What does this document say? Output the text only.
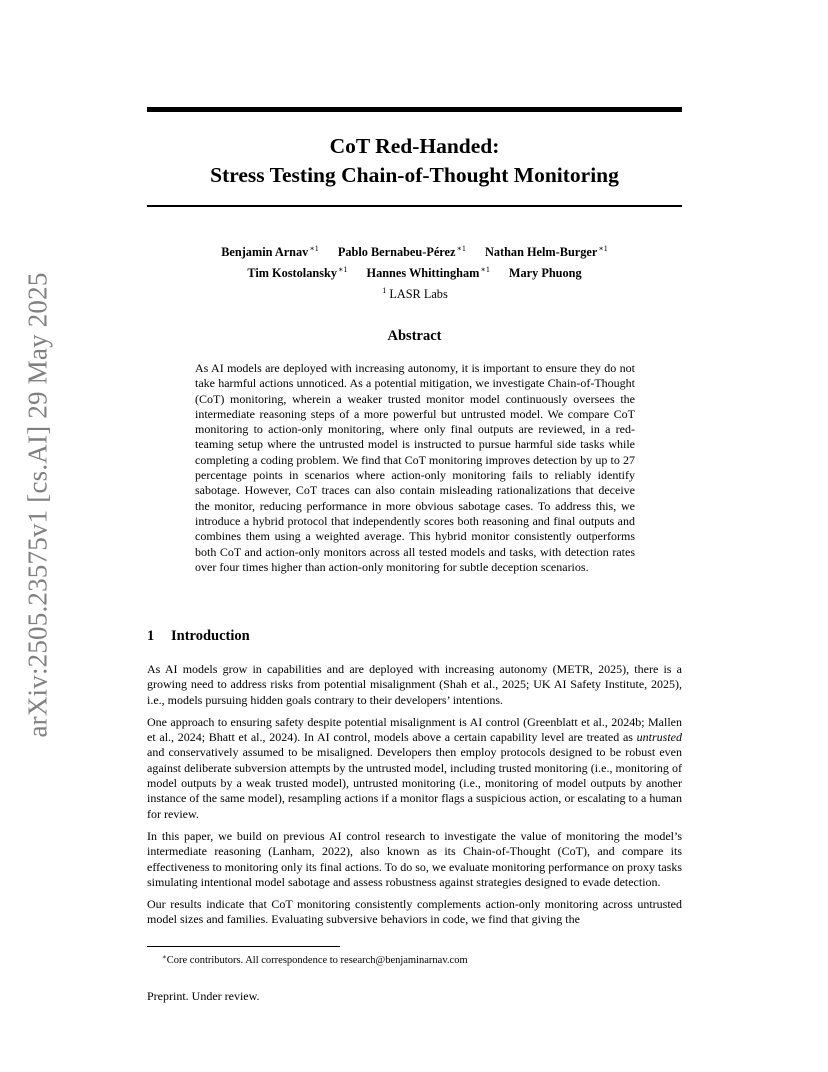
arXiv:2505.23575v1 [cs.AI] 29 May 2025
CoT Red-Handed:
Stress Testing Chain-of-Thought Monitoring
Benjamin Arnav$^{∗1}$ Pablo Bernabeu-Pérez$^{∗1}$ Nathan Helm-Burger$^{∗1}$
Tim Kostolansky$^{∗1}$ Hannes Whittingham$^{∗1}$ Mary Phuong
$^1$ LASR Labs
Abstract

As AI models are deployed with increasing autonomy, it is important to ensure they do not take harmful actions unnoticed. As a potential mitigation, we investigate Chain-of-Thought (CoT) monitoring, wherein a weaker trusted monitor model continuously oversees the intermediate reasoning steps of a more powerful but untrusted model. We compare CoT monitoring to action-only monitoring, where only final outputs are reviewed, in a red-teaming setup where the untrusted model is instructed to pursue harmful side tasks while completing a coding problem. We find that CoT monitoring improves detection by up to 27 percentage points in scenarios where action-only monitoring fails to reliably identify sabotage. However, CoT traces can also contain misleading rationalizations that deceive the monitor, reducing performance in more obvious sabotage cases. To address this, we introduce a hybrid protocol that independently scores both reasoning and final outputs and combines them using a weighted average. This hybrid monitor consistently outperforms both CoT and action-only monitors across all tested models and tasks, with detection rates over four times higher than action-only monitoring for subtle deception scenarios.

1 Introduction

As AI models grow in capabilities and are deployed with increasing autonomy (METR, 2025), there is a growing need to address risks from potential misalignment (Shah et al., 2025; UK AI Safety Institute, 2025), i.e., models pursuing hidden goals contrary to their developers’ intentions.

One approach to ensuring safety despite potential misalignment is AI control (Greenblatt et al., 2024b; Mallen et al., 2024; Bhatt et al., 2024). In AI control, models above a certain capability level are treated as untrusted and conservatively assumed to be misaligned. Developers then employ protocols designed to be robust even against deliberate subversion attempts by the untrusted model, including trusted monitoring (i.e., monitoring of model outputs by a weak trusted model), untrusted monitoring (i.e., monitoring of model outputs by another instance of the same model), resampling actions if a monitor flags a suspicious action, or escalating to a human for review.

In this paper, we build on previous AI control research to investigate the value of monitoring the model’s intermediate reasoning (Lanham, 2022), also known as its Chain-of-Thought (CoT), and compare its effectiveness to monitoring only its final actions. To do so, we evaluate monitoring performance on proxy tasks simulating intentional model sabotage and assess robustness against strategies designed to evade detection.

Our results indicate that CoT monitoring consistently complements action-only monitoring across untrusted model sizes and families. Evaluating subversive behaviors in code, we find that giving the

∗Core contributors. All correspondence to research@benjaminarnav.com
Preprint. Under review.
